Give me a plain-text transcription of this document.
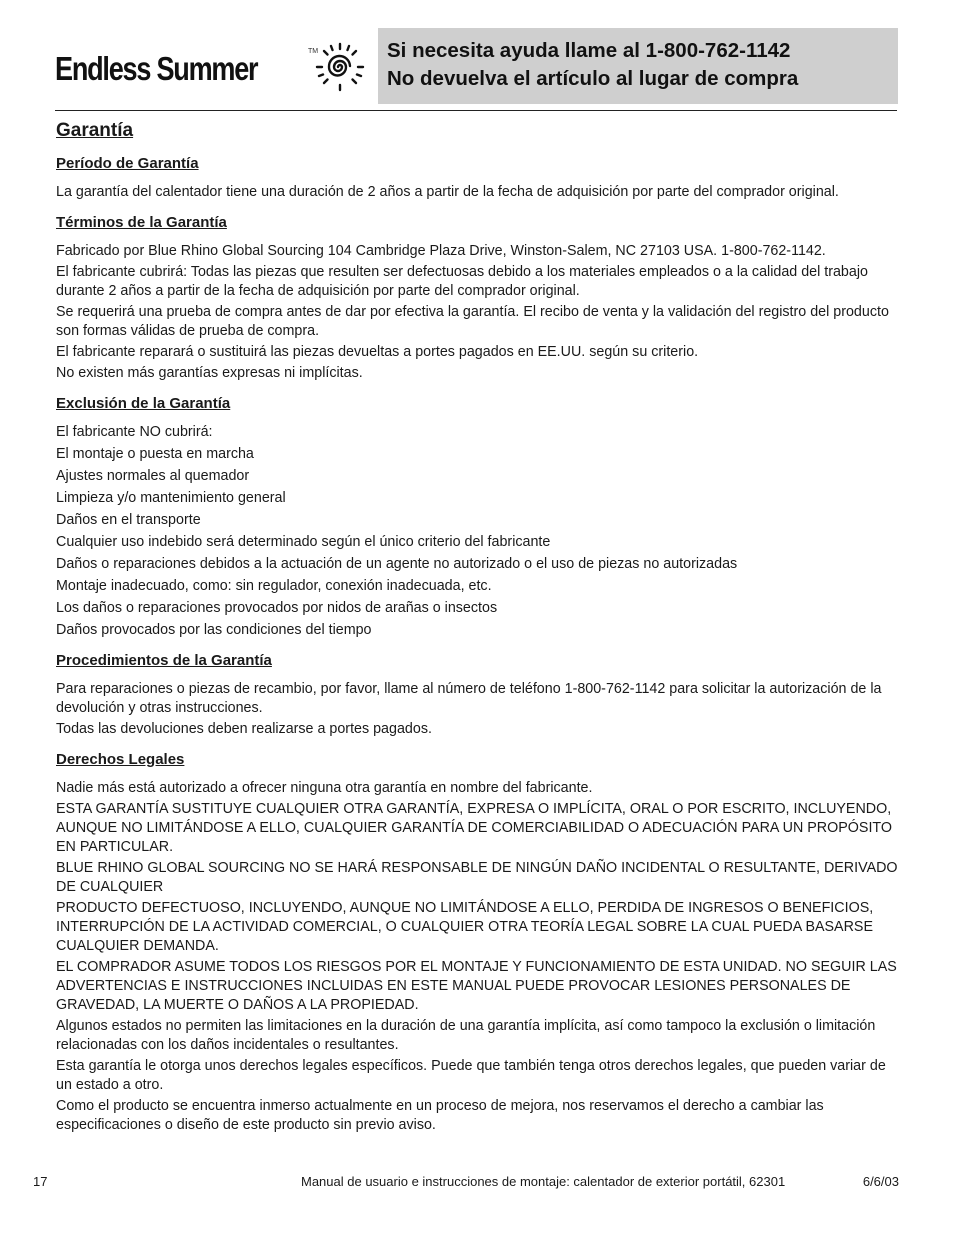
Endless Summer	TM	Si necesita ayuda llame al 1-800-762-1142
No devuelva el artículo al lugar de compra
Garantía
Período de Garantía

La garantía del calentador tiene una duración de 2 años a partir de la fecha de adquisición por parte del comprador original.

Términos de la Garantía

Fabricado por Blue Rhino Global Sourcing 104 Cambridge Plaza Drive, Winston-Salem, NC 27103 USA. 1-800-762-1142.

El fabricante cubrirá: Todas las piezas que resulten ser defectuosas debido a los materiales empleados o a la calidad del trabajo durante 2 años a partir de la fecha de adquisición por parte del comprador original.

Se requerirá una prueba de compra antes de dar por efectiva la garantía. El recibo de venta y la validación del registro del producto son formas válidas de prueba de compra.

El fabricante reparará o sustituirá las piezas devueltas a portes pagados en EE.UU. según su criterio.

No existen más garantías expresas ni implícitas.

Exclusión de la Garantía
El fabricante NO cubrirá:
El montaje o puesta en marcha
Ajustes normales al quemador
Limpieza y/o mantenimiento general
Daños en el transporte
Cualquier uso indebido será determinado según el único criterio del fabricante
Daños o reparaciones debidos a la actuación de un agente no autorizado o el uso de piezas no autorizadas
Montaje inadecuado, como: sin regulador, conexión inadecuada, etc.
Los daños o reparaciones provocados por nidos de arañas o insectos
Daños provocados por las condiciones del tiempo
Procedimientos de la Garantía

Para reparaciones o piezas de recambio, por favor, llame al número de teléfono 1-800-762-1142 para solicitar la autorización de la devolución y otras instrucciones.

Todas las devoluciones deben realizarse a portes pagados.

Derechos Legales

Nadie más está autorizado a ofrecer ninguna otra garantía en nombre del fabricante.

ESTA GARANTÍA SUSTITUYE CUALQUIER OTRA GARANTÍA, EXPRESA O IMPLÍCITA, ORAL O POR ESCRITO, INCLUYENDO, AUNQUE NO LIMITÁNDOSE A ELLO, CUALQUIER GARANTÍA DE COMERCIABILIDAD O ADECUACIÓN PARA UN PROPÓSITO EN PARTICULAR.

BLUE RHINO GLOBAL SOURCING NO SE HARÁ RESPONSABLE DE NINGÚN DAÑO INCIDENTAL O RESULTANTE, DERIVADO DE CUALQUIER

PRODUCTO DEFECTUOSO, INCLUYENDO, AUNQUE NO LIMITÁNDOSE A ELLO, PERDIDA DE INGRESOS O BENEFICIOS, INTERRUPCIÓN DE LA ACTIVIDAD COMERCIAL, O CUALQUIER OTRA TEORÍA LEGAL SOBRE LA CUAL PUEDA BASARSE CUALQUIER DEMANDA.

EL COMPRADOR ASUME TODOS LOS RIESGOS POR EL MONTAJE Y FUNCIONAMIENTO DE ESTA UNIDAD. NO SEGUIR LAS ADVERTENCIAS E INSTRUCCIONES INCLUIDAS EN ESTE MANUAL PUEDE PROVOCAR LESIONES PERSONALES DE GRAVEDAD, LA MUERTE O DAÑOS A LA PROPIEDAD.

Algunos estados no permiten las limitaciones en la duración de una garantía implícita, así como tampoco la exclusión o limitación relacionadas con los daños incidentales o resultantes.

Esta garantía le otorga unos derechos legales específicos. Puede que también tenga otros derechos legales, que pueden variar de un estado a otro.

Como el producto se encuentra inmerso actualmente en un proceso de mejora, nos reservamos el derecho a cambiar las especificaciones o diseño de este producto sin previo aviso.

17	Manual de usuario e instrucciones de montaje: calentador de exterior portátil, 62301	6/6/03
